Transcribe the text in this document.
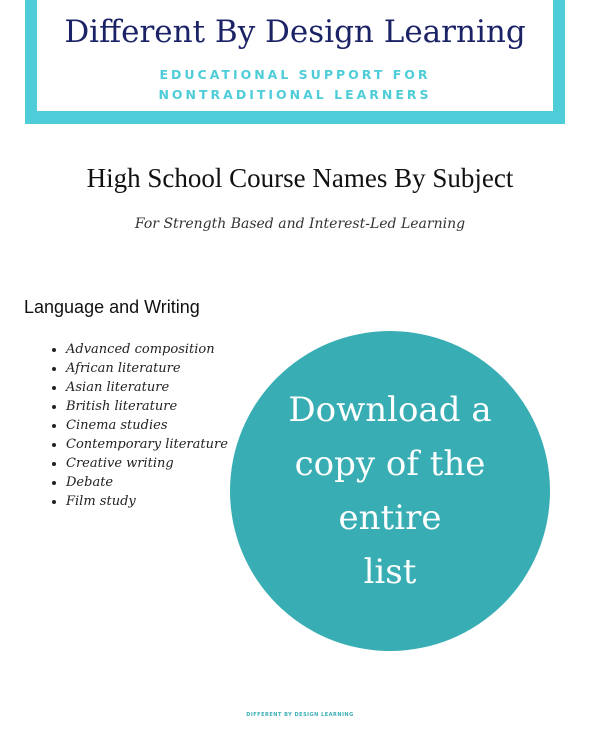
Different By Design Learning
EDUCATIONAL SUPPORT FOR
NONTRADITIONAL LEARNERS
High School Course Names By Subject
For Strength Based and Interest-Led Learning
Language and Writing
• Advanced composition
• African literature
• Asian literature
• British literature
• Cinema studies
• Contemporary literature
• Creative writing
• Debate
• Film study
Download a
copy of the
entire
list
DIFFERENT BY DESIGN LEARNING
